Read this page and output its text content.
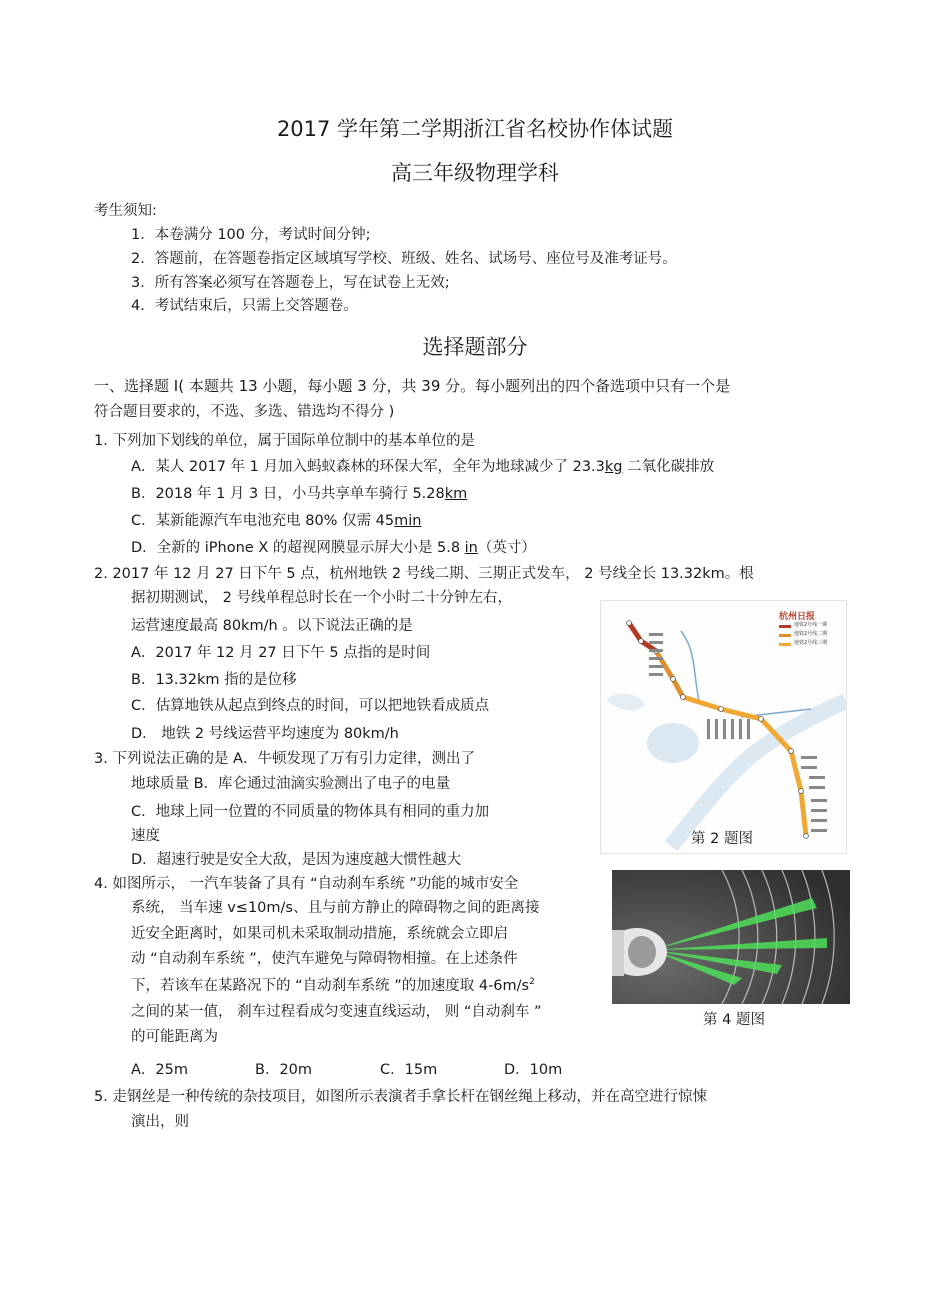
2017 学年第二学期浙江省名校协作体试题
高三年级物理学科
考生须知:
1．本卷满分 100 分，考试时间分钟;
2．答题前，在答题卷指定区域填写学校、班级、姓名、试场号、座位号及准考证号。
3．所有答案必须写在答题卷上，写在试卷上无效;
4．考试结束后，只需上交答题卷。
选择题部分
一、选择题 Ⅰ( 本题共 13 小题，每小题 3 分，共 39 分。每小题列出的四个备选项中只有一个是
符合题目要求的，不选、多选、错选均不得分 )
1. 下列加下划线的单位，属于国际单位制中的基本单位的是
A．某人 2017 年 1 月加入蚂蚁森林的环保大军，全年为地球减少了 23.3kg 二氧化碳排放
B．2018 年 1 月 3 日，小马共享单车骑行 5.28km
C．某新能源汽车电池充电 80% 仅需 45min
D．全新的 iPhone X 的超视网膜显示屏大小是 5.8 in（英寸）
2. 2017 年 12 月 27 日下午 5 点，杭州地铁 2 号线二期、三期正式发车， 2 号线全长 13.32km。根
据初期测试， 2 号线单程总时长在一个小时二十分钟左右，
运营速度最高 80km/h 。以下说法正确的是
A．2017 年 12 月 27 日下午 5 点指的是时间
B．13.32km 指的是位移
C．估算地铁从起点到终点的时间，可以把地铁看成质点
D． 地铁 2 号线运营平均速度为 80km/h
杭州日报
地铁2号线一期
地铁2号线二期
地铁2号线三期
第 2 题图
3. 下列说法正确的是 A．牛顿发现了万有引力定律，测出了
地球质量 B．库仑通过油滴实验测出了电子的电量
C．地球上同一位置的不同质量的物体具有相同的重力加
速度
D．超速行驶是安全大敌，是因为速度越大惯性越大
4. 如图所示， 一汽车装备了具有 “自动刹车系统 ”功能的城市安全
系统， 当车速 v≤10m/s、且与前方静止的障碍物之间的距离接
近安全距离时，如果司机未采取制动措施，系统就会立即启
动 “自动刹车系统 ”，使汽车避免与障碍物相撞。在上述条件
下，若该车在某路况下的 “自动刹车系统 ”的加速度取 $4-6m/s^2$
之间的某一值， 刹车过程看成匀变速直线运动， 则 “自动刹车 ”
的可能距离为
A．25m	B．20m	C．15m	D．10m
第 4 题图
5. 走钢丝是一种传统的杂技项目，如图所示表演者手拿长杆在钢丝绳上移动，并在高空进行惊悚
演出，则
